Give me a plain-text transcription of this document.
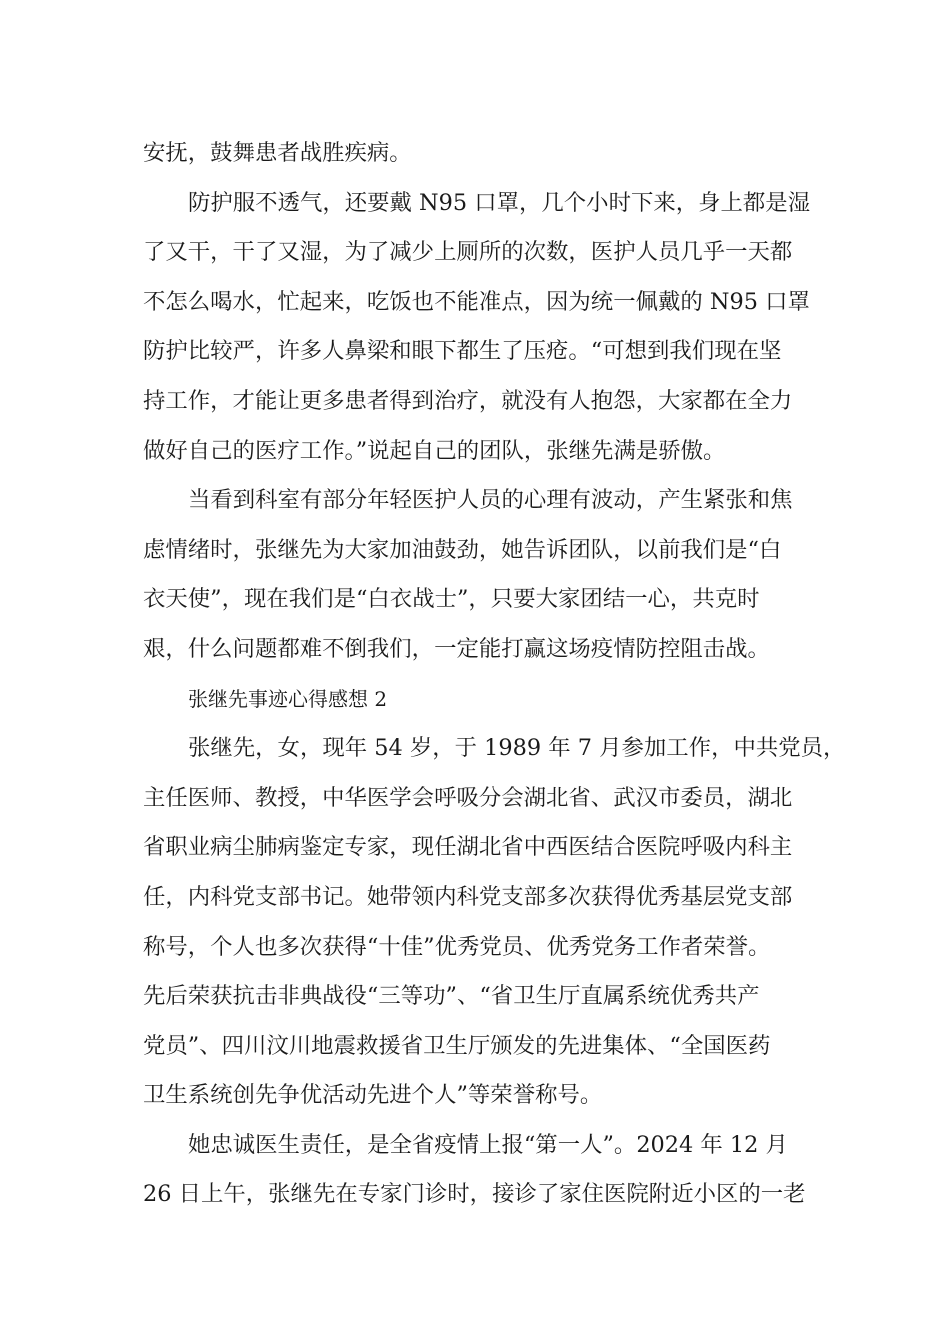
安抚，鼓舞患者战胜疾病。
防护服不透气，还要戴 N95 口罩，几个小时下来，身上都是湿
了又干，干了又湿，为了减少上厕所的次数，医护人员几乎一天都
不怎么喝水，忙起来，吃饭也不能准点，因为统一佩戴的 N95 口罩
防护比较严，许多人鼻梁和眼下都生了压疮。“可想到我们现在坚
持工作，才能让更多患者得到治疗，就没有人抱怨，大家都在全力
做好自己的医疗工作。”说起自己的团队，张继先满是骄傲。
当看到科室有部分年轻医护人员的心理有波动，产生紧张和焦
虑情绪时，张继先为大家加油鼓劲，她告诉团队，以前我们是“白
衣天使”，现在我们是“白衣战士”，只要大家团结一心，共克时
艰，什么问题都难不倒我们，一定能打赢这场疫情防控阻击战。
张继先事迹心得感想 2
张继先，女，现年 54 岁，于 1989 年 7 月参加工作，中共党员，
主任医师、教授，中华医学会呼吸分会湖北省、武汉市委员，湖北
省职业病尘肺病鉴定专家，现任湖北省中西医结合医院呼吸内科主
任，内科党支部书记。她带领内科党支部多次获得优秀基层党支部
称号，个人也多次获得“十佳”优秀党员、优秀党务工作者荣誉。
先后荣获抗击非典战役“三等功”、“省卫生厅直属系统优秀共产
党员”、四川汶川地震救援省卫生厅颁发的先进集体、“全国医药
卫生系统创先争优活动先进个人”等荣誉称号。
她忠诚医生责任，是全省疫情上报“第一人”。2024 年 12 月
26 日上午，张继先在专家门诊时，接诊了家住医院附近小区的一老
